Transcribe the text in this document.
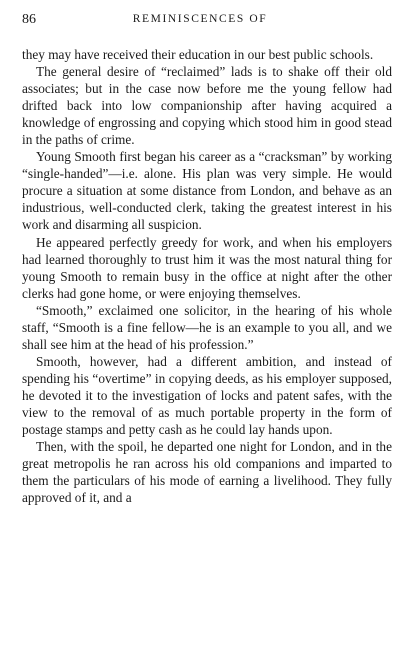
86	REMINISCENCES OF

they may have received their education in our best public schools.

The general desire of “reclaimed” lads is to shake off their old associates; but in the case now before me the young fellow had drifted back into low companionship after having acquired a knowledge of engrossing and copying which stood him in good stead in the paths of crime.

Young Smooth first began his career as a “cracksman” by working “single-handed”—i.e. alone. His plan was very simple. He would procure a situation at some distance from London, and behave as an industrious, well-conducted clerk, taking the greatest interest in his work and disarming all suspicion.

He appeared perfectly greedy for work, and when his employers had learned thoroughly to trust him it was the most natural thing for young Smooth to remain busy in the office at night after the other clerks had gone home, or were enjoying themselves.

“Smooth,” exclaimed one solicitor, in the hearing of his whole staff, “Smooth is a fine fellow—he is an example to you all, and we shall see him at the head of his profession.”

Smooth, however, had a different ambition, and instead of spending his “overtime” in copying deeds, as his employer supposed, he devoted it to the investigation of locks and patent safes, with the view to the removal of as much portable property in the form of postage stamps and petty cash as he could lay hands upon.

Then, with the spoil, he departed one night for London, and in the great metropolis he ran across his old companions and imparted to them the particulars of his mode of earning a livelihood. They fully approved of it, and a
